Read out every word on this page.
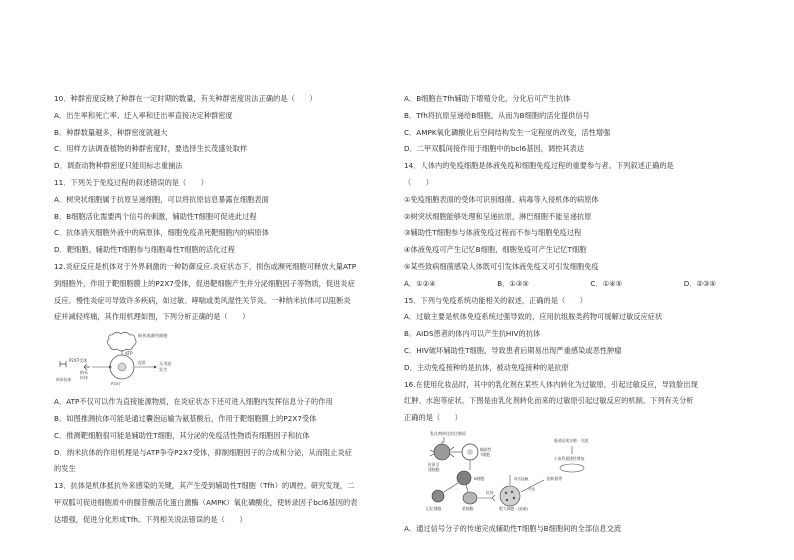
10．种群密度反映了种群在一定时期的数量，有关种群密度说法正确的是（　　）
A．出生率和死亡率、迁入率和迁出率直接决定种群密度
B．种群数量越多，种群密度就越大
C．用样方法调查植物的种群密度时，要选择生长茂盛处取样
D．调查动物种群密度只能用标志重捕法
11．下列关于免疫过程的叙述错误的是（　　）
A．树突状细胞属于抗原呈递细胞，可以将抗原信息暴露在细胞表面
B．B细胞活化需要两个信号的刺激，辅助性T细胞可促进此过程
C．抗体消灭细胞外液中的病原体，细胞免疫杀死靶细胞内的病原体
D．靶细胞、辅助性T细胞参与细胞毒性T细胞的活化过程
12.炎症反应是机体对于外界刺激的一种防御反应.炎症状态下，损伤或濒死细胞可释放大量ATP
到细胞外，作用于靶细胞膜上的P2X7受体，促进靶细胞产生并分泌细胞因子等物质，促进炎症
反应。慢性炎症可导致许多疾病，如过敏、哮喘或类风湿性关节炎。一种纳米抗体可以阻断炎
症并减轻疼痛，其作用机理如图，下列分析正确的是（　　）
损伤或濒死细胞
ATP
P2X7受体
纳米
抗体
促进	无炎症
发生
P2X7
纳米抗体
A．ATP不仅可以作为直接能源物质，在炎症状态下还可进入细胞内发挥信息分子的作用
B．如图推测抗体可能是通过囊泡运输为氨基酸后，作用于靶细胞膜上的P2X7受体
C．推测靶细胞很可能是辅助性T细胞，其分泌的免疫活性物质有细胞因子和抗体
D．纳米抗体的作用机理是与ATP争夺P2X7受体，抑制细胞因子的合成和分泌，从而阻止炎症
的发生
13．抗体是机体抵抗外来感染的关键，其产生受到辅助性T细胞（Tfh）的调控。研究发现，二
甲双胍可促进细胞质中的腺苷酸活化蛋白激酶（AMPK）氧化磷酸化，使转录因子bcl6基因的表
达增强，促进分化形成Tfh。下列相关说法错误的是（　　）
A．B细胞在Tfh辅助下增殖分化，分化后可产生抗体
B．Tfh将抗原呈递给B细胞，从而为B细胞的活化提供信号
C．AMPK氧化磷酸化后空间结构发生一定程度的改变，活性增强
D．二甲双胍间接作用于细胞中的bcl6基因，调控其表达
14．人体内的免疫细胞是体液免疫和细胞免疫过程的重要参与者。下列叙述正确的是
（　　）
①免疫细胞表面的受体可识别细菌、病毒等入侵机体的病原体
②树突状细胞能够处理和呈递抗原，淋巴细胞不能呈递抗原
③辅助性T细胞参与体液免疫过程而不参与细胞免疫过程
④体液免疫可产生记忆B细胞，细胞免疫可产生记忆T细胞
⑤某些致病细菌感染人体既可引发体液免疫又可引发细胞免疫
A．①②④	B．①③⑤	C．①④⑤	D．②③⑤
15．下列与免疫系统功能相关的叙述，正确的是（　　）
A．过敏主要是机体免疫系统过强导致的，应用抗组胺类药物可缓解过敏反应症状
B．AIDS患者的体内可以产生抗HIV的抗体
C．HIV破坏辅助性T细胞，导致患者后期易出现严重感染或恶性肿瘤
D．主动免疫接种的是抗体，被动免疫接种的是抗原
16.在使用化妆品时，其中的乳化剂在某些人体内转化为过敏原，引起过敏反应，导致脸出现
红肿、水泡等症状。下图是由乳化剂转化而来的过敏原引起过敏反应的机制。下列有关分析
正确的是（　　）
乳化剂转化的过敏原
抗原呈
递细胞
辅助性
T细胞
B细胞
记忆细胞	浆细胞
抗体
肥大细胞 (致敏)
再次接触
分泌
脸部出现水肿、水泡
小血管通透性增加
组织胺等
A．通过信号分子的传递完成辅助性T细胞与B细胞间的全部信息交流
